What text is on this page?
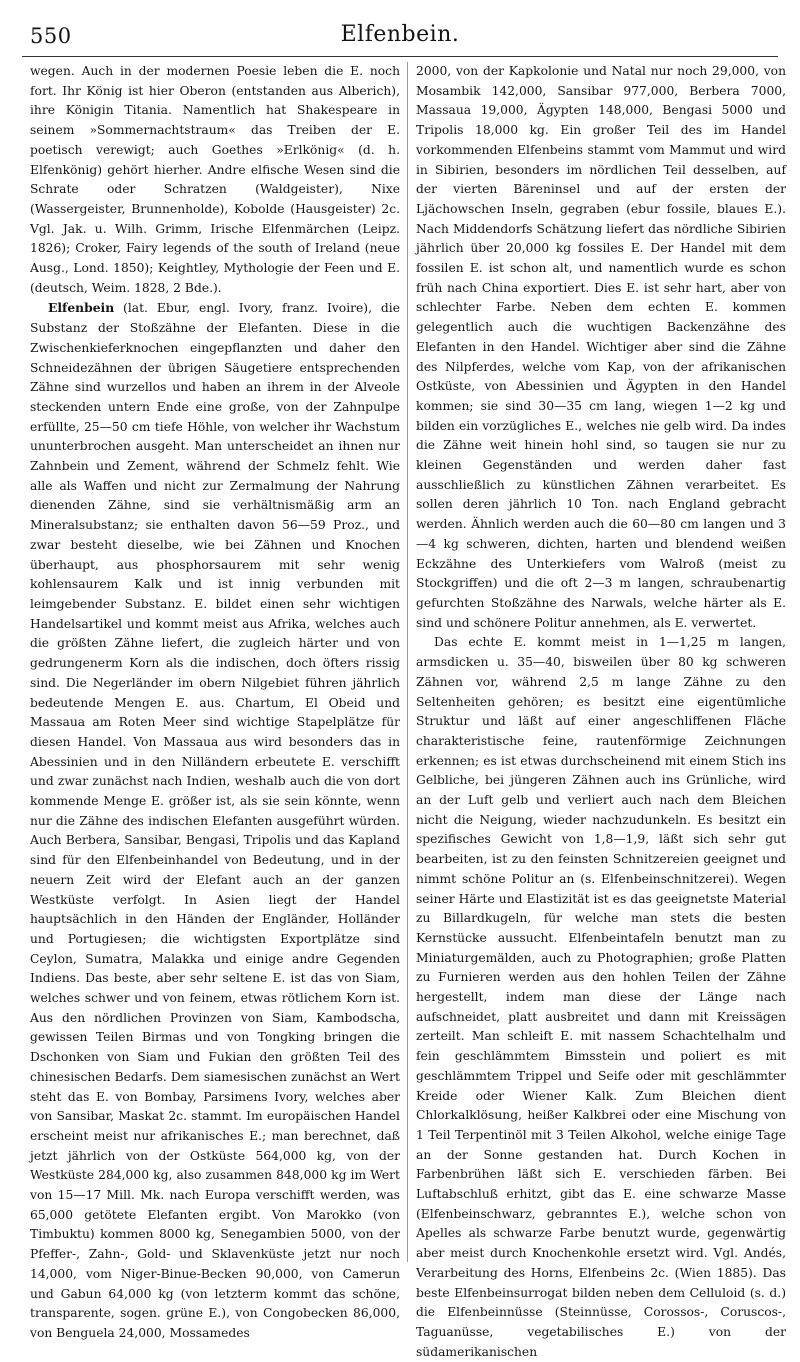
550	Elfenbein.

wegen. Auch in der modernen Poesie leben die E. noch fort. Ihr König ist hier Oberon (entstanden aus Alberich), ihre Königin Titania. Namentlich hat Shakespeare in seinem »Sommernachtstraum« das Treiben der E. poetisch verewigt; auch Goethes »Erlkönig« (d. h. Elfenkönig) gehört hierher. Andre elfische Wesen sind die Schrate oder Schratzen (Waldgeister), Nixe (Wassergeister, Brunnenholde), Kobolde (Hausgeister) 2c. Vgl. Jak. u. Wilh. Grimm, Irische Elfenmärchen (Leipz. 1826); Croker, Fairy legends of the south of Ireland (neue Ausg., Lond. 1850); Keightley, Mythologie der Feen und E. (deutsch, Weim. 1828, 2 Bde.).

Elfenbein (lat. Ebur, engl. Ivory, franz. Ivoire), die Substanz der Stoßzähne der Elefanten. Diese in die Zwischenkieferknochen eingepflanzten und daher den Schneidezähnen der übrigen Säugetiere entsprechenden Zähne sind wurzellos und haben an ihrem in der Alveole steckenden untern Ende eine große, von der Zahnpulpe erfüllte, 25—50 cm tiefe Höhle, von welcher ihr Wachstum ununterbrochen ausgeht. Man unterscheidet an ihnen nur Zahnbein und Zement, während der Schmelz fehlt. Wie alle als Waffen und nicht zur Zermalmung der Nahrung dienenden Zähne, sind sie verhältnismäßig arm an Mineralsubstanz; sie enthalten davon 56—59 Proz., und zwar besteht dieselbe, wie bei Zähnen und Knochen überhaupt, aus phosphorsaurem mit sehr wenig kohlensaurem Kalk und ist innig verbunden mit leimgebender Substanz. E. bildet einen sehr wichtigen Handelsartikel und kommt meist aus Afrika, welches auch die größten Zähne liefert, die zugleich härter und von gedrungenerm Korn als die indischen, doch öfters rissig sind. Die Negerländer im obern Nilgebiet führen jährlich bedeutende Mengen E. aus. Chartum, El Obeid und Massaua am Roten Meer sind wichtige Stapelplätze für diesen Handel. Von Massaua aus wird besonders das in Abessinien und in den Nilländern erbeutete E. verschifft und zwar zunächst nach Indien, weshalb auch die von dort kommende Menge E. größer ist, als sie sein könnte, wenn nur die Zähne des indischen Elefanten ausgeführt würden. Auch Berbera, Sansibar, Bengasi, Tripolis und das Kapland sind für den Elfenbeinhandel von Bedeutung, und in der neuern Zeit wird der Elefant auch an der ganzen Westküste verfolgt. In Asien liegt der Handel hauptsächlich in den Händen der Engländer, Holländer und Portugiesen; die wichtigsten Exportplätze sind Ceylon, Sumatra, Malakka und einige andre Gegenden Indiens. Das beste, aber sehr seltene E. ist das von Siam, welches schwer und von feinem, etwas rötlichem Korn ist. Aus den nördlichen Provinzen von Siam, Kambodscha, gewissen Teilen Birmas und von Tongking bringen die Dschonken von Siam und Fukian den größten Teil des chinesischen Bedarfs. Dem siamesischen zunächst an Wert steht das E. von Bombay, Parsimens Ivory, welches aber von Sansibar, Maskat 2c. stammt. Im europäischen Handel erscheint meist nur afrikanisches E.; man berechnet, daß jetzt jährlich von der Ostküste 564,000 kg, von der Westküste 284,000 kg, also zusammen 848,000 kg im Wert von 15—17 Mill. Mk. nach Europa verschifft werden, was 65,000 getötete Elefanten ergibt. Von Marokko (von Timbuktu) kommen 8000 kg, Senegambien 5000, von der Pfeffer-, Zahn-, Gold- und Sklavenküste jetzt nur noch 14,000, vom Niger-Binue-Becken 90,000, von Camerun und Gabun 64,000 kg (von letzterm kommt das schöne, transparente, sogen. grüne E.), von Congobecken 86,000, von Benguela 24,000, Mossamedes

2000, von der Kapkolonie und Natal nur noch 29,000, von Mosambik 142,000, Sansibar 977,000, Berbera 7000, Massaua 19,000, Ägypten 148,000, Bengasi 5000 und Tripolis 18,000 kg. Ein großer Teil des im Handel vorkommenden Elfenbeins stammt vom Mammut und wird in Sibirien, besonders im nördlichen Teil desselben, auf der vierten Bäreninsel und auf der ersten der Ljächowschen Inseln, gegraben (ebur fossile, blaues E.). Nach Middendorfs Schätzung liefert das nördliche Sibirien jährlich über 20,000 kg fossiles E. Der Handel mit dem fossilen E. ist schon alt, und namentlich wurde es schon früh nach China exportiert. Dies E. ist sehr hart, aber von schlechter Farbe. Neben dem echten E. kommen gelegentlich auch die wuchtigen Backenzähne des Elefanten in den Handel. Wichtiger aber sind die Zähne des Nilpferdes, welche vom Kap, von der afrikanischen Ostküste, von Abessinien und Ägypten in den Handel kommen; sie sind 30—35 cm lang, wiegen 1—2 kg und bilden ein vorzügliches E., welches nie gelb wird. Da indes die Zähne weit hinein hohl sind, so taugen sie nur zu kleinen Gegenständen und werden daher fast ausschließlich zu künstlichen Zähnen verarbeitet. Es sollen deren jährlich 10 Ton. nach England gebracht werden. Ähnlich werden auch die 60—80 cm langen und 3—4 kg schweren, dichten, harten und blendend weißen Eckzähne des Unterkiefers vom Walroß (meist zu Stockgriffen) und die oft 2—3 m langen, schraubenartig gefurchten Stoßzähne des Narwals, welche härter als E. sind und schönere Politur annehmen, als E. verwertet.

Das echte E. kommt meist in 1—1,25 m langen, armsdicken u. 35—40, bisweilen über 80 kg schweren Zähnen vor, während 2,5 m lange Zähne zu den Seltenheiten gehören; es besitzt eine eigentümliche Struktur und läßt auf einer angeschliffenen Fläche charakteristische feine, rautenförmige Zeichnungen erkennen; es ist etwas durchscheinend mit einem Stich ins Gelbliche, bei jüngeren Zähnen auch ins Grünliche, wird an der Luft gelb und verliert auch nach dem Bleichen nicht die Neigung, wieder nachzudunkeln. Es besitzt ein spezifisches Gewicht von 1,8—1,9, läßt sich sehr gut bearbeiten, ist zu den feinsten Schnitzereien geeignet und nimmt schöne Politur an (s. Elfenbeinschnitzerei). Wegen seiner Härte und Elastizität ist es das geeignetste Material zu Billardkugeln, für welche man stets die besten Kernstücke aussucht. Elfenbeintafeln benutzt man zu Miniaturgemälden, auch zu Photographien; große Platten zu Furnieren werden aus den hohlen Teilen der Zähne hergestellt, indem man diese der Länge nach aufschneidet, platt ausbreitet und dann mit Kreissägen zerteilt. Man schleift E. mit nassem Schachtelhalm und fein geschlämmtem Bimsstein und poliert es mit geschlämmtem Trippel und Seife oder mit geschlämmter Kreide oder Wiener Kalk. Zum Bleichen dient Chlorkalklösung, heißer Kalkbrei oder eine Mischung von 1 Teil Terpentinöl mit 3 Teilen Alkohol, welche einige Tage an der Sonne gestanden hat. Durch Kochen in Farbenbrühen läßt sich E. verschieden färben. Bei Luftabschluß erhitzt, gibt das E. eine schwarze Masse (Elfenbeinschwarz, gebranntes E.), welche schon von Apelles als schwarze Farbe benutzt wurde, gegenwärtig aber meist durch Knochenkohle ersetzt wird. Vgl. Andés, Verarbeitung des Horns, Elfenbeins 2c. (Wien 1885). Das beste Elfenbeinsurrogat bilden neben dem Celluloid (s. d.) die Elfenbeinnüsse (Steinnüsse, Corossos-, Coruscos-, Taguanüsse, vegetabilisches E.) von der südamerikanischen
